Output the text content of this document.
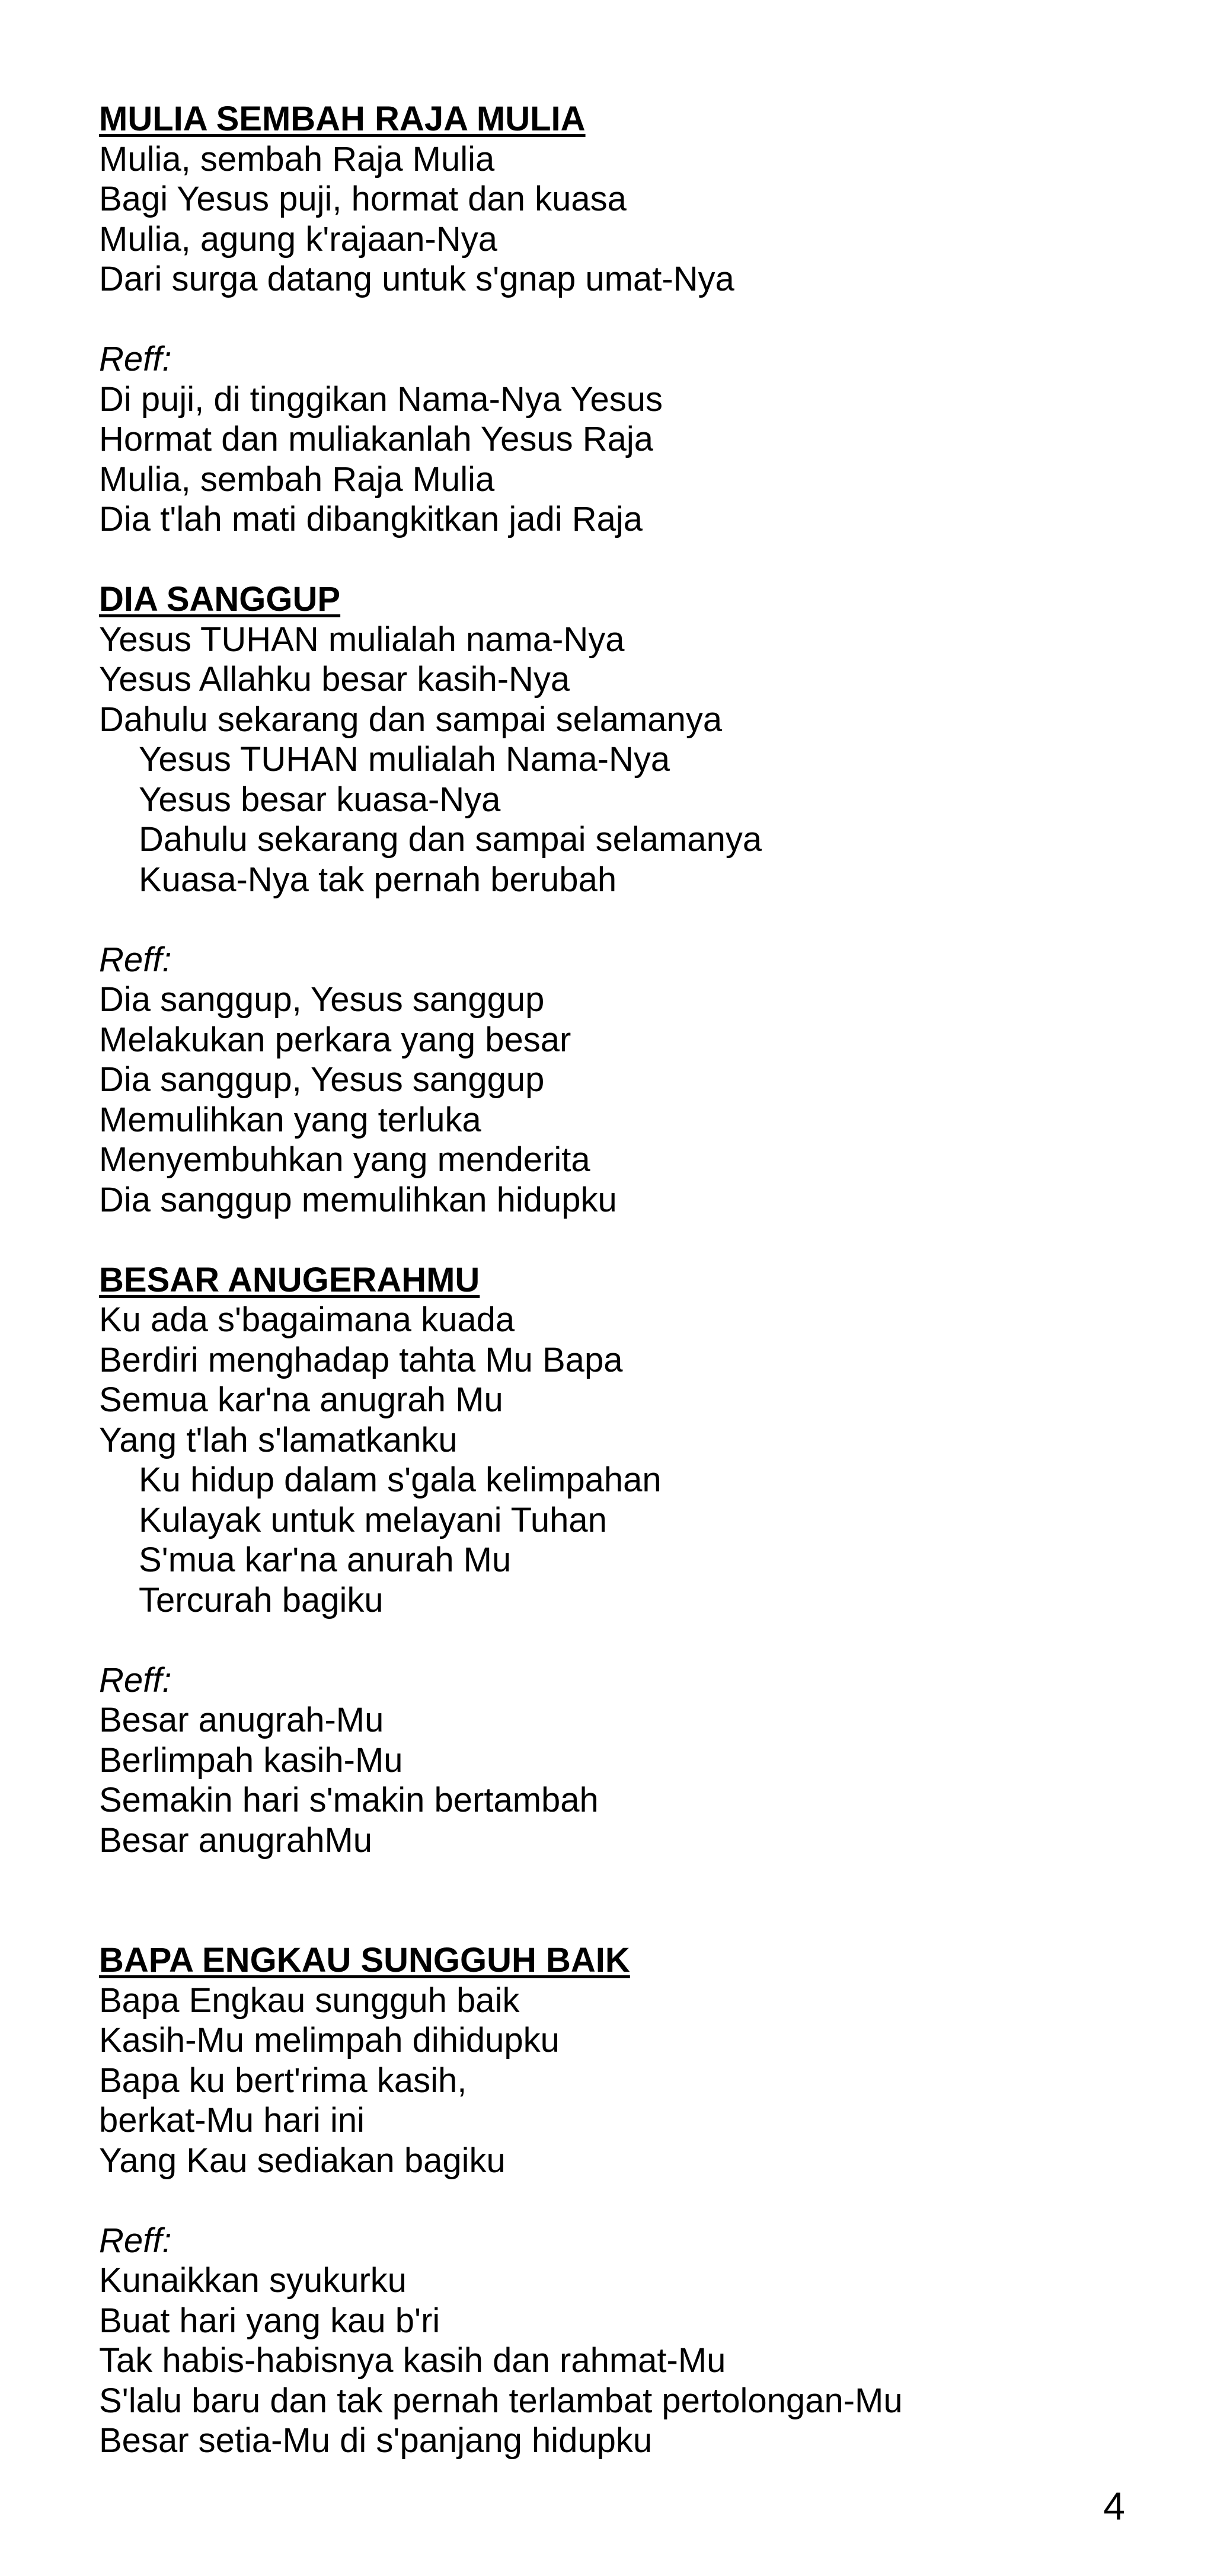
MULIA SEMBAH RAJA MULIA
Mulia, sembah Raja Mulia
Bagi Yesus puji, hormat dan kuasa
Mulia, agung k'rajaan-Nya
Dari surga datang untuk s'gnap umat-Nya
Reff:
Di puji, di tinggikan Nama-Nya Yesus
Hormat dan muliakanlah Yesus Raja
Mulia, sembah Raja Mulia
Dia t'lah mati dibangkitkan jadi Raja
DIA SANGGUP
Yesus TUHAN mulialah nama-Nya
Yesus Allahku besar kasih-Nya
Dahulu sekarang dan sampai selamanya
Yesus TUHAN mulialah Nama-Nya
Yesus besar kuasa-Nya
Dahulu sekarang dan sampai selamanya
Kuasa-Nya tak pernah berubah
Reff:
Dia sanggup, Yesus sanggup
Melakukan perkara yang besar
Dia sanggup, Yesus sanggup
Memulihkan yang terluka
Menyembuhkan yang menderita
Dia sanggup memulihkan hidupku
BESAR ANUGERAHMU
Ku ada s'bagaimana kuada
Berdiri menghadap tahta Mu Bapa
Semua kar'na anugrah Mu
Yang t'lah s'lamatkanku
Ku hidup dalam s'gala kelimpahan
Kulayak untuk melayani Tuhan
S'mua kar'na anurah Mu
Tercurah bagiku
Reff:
Besar anugrah-Mu
Berlimpah kasih-Mu
Semakin hari s'makin bertambah
Besar anugrahMu
BAPA ENGKAU SUNGGUH BAIK
Bapa Engkau sungguh baik
Kasih-Mu melimpah dihidupku
Bapa ku bert'rima kasih,
berkat-Mu hari ini
Yang Kau sediakan bagiku
Reff:
Kunaikkan syukurku
Buat hari yang kau b'ri
Tak habis-habisnya kasih dan rahmat-Mu
S'lalu baru dan tak pernah terlambat pertolongan-Mu
Besar setia-Mu di s'panjang hidupku
4
